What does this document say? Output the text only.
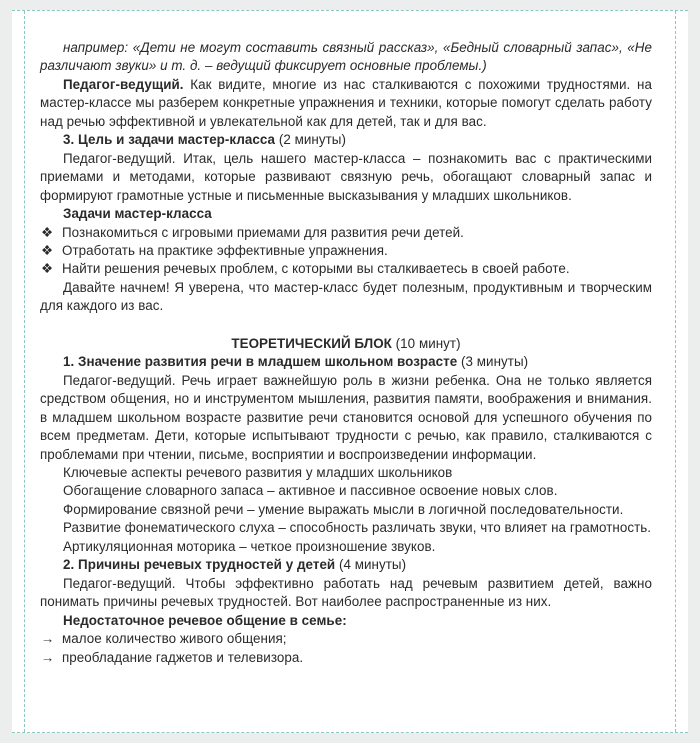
например: «Дети не могут составить связный рассказ», «Бедный словарный запас», «Не различают звуки» и т. д. – ведущий фиксирует основные проблемы.)

Педагог-ведущий. Как видите, многие из нас сталкиваются с похожими трудностями. на мастер-классе мы разберем конкретные упражнения и техники, которые помогут сделать работу над речью эффективной и увлекательной как для детей, так и для вас.

3. Цель и задачи мастер-класса (2 минуты)

Педагог-ведущий. Итак, цель нашего мастер-класса – познакомить вас с практическими приемами и методами, которые развивают связную речь, обогащают словарный запас и формируют грамотные устные и письменные высказывания у младших школьников.

Задачи мастер-класса

❖ Познакомиться с игровыми приемами для развития речи детей.
❖ Отработать на практике эффективные упражнения.
❖ Найти решения речевых проблем, с которыми вы сталкиваетесь в своей работе.

Давайте начнем! Я уверена, что мастер-класс будет полезным, продуктивным и творческим для каждого из вас.

ТЕОРЕТИЧЕСКИЙ БЛОК (10 минут)

1. Значение развития речи в младшем школьном возрасте (3 минуты)

Педагог-ведущий. Речь играет важнейшую роль в жизни ребенка. Она не только является средством общения, но и инструментом мышления, развития памяти, воображения и внимания. в младшем школьном возрасте развитие речи становится основой для успешного обучения по всем предметам. Дети, которые испытывают трудности с речью, как правило, сталкиваются с проблемами при чтении, письме, восприятии и воспроизведении информации.

Ключевые аспекты речевого развития у младших школьников

Обогащение словарного запаса – активное и пассивное освоение новых слов.

Формирование связной речи – умение выражать мысли в логичной последовательности.

Развитие фонематического слуха – способность различать звуки, что влияет на грамотность.

Артикуляционная моторика – четкое произношение звуков.

2. Причины речевых трудностей у детей (4 минуты)

Педагог-ведущий. Чтобы эффективно работать над речевым развитием детей, важно понимать причины речевых трудностей. Вот наиболее распространенные из них.

Недостаточное речевое общение в семье:

→ малое количество живого общения;
→ преобладание гаджетов и телевизора.
